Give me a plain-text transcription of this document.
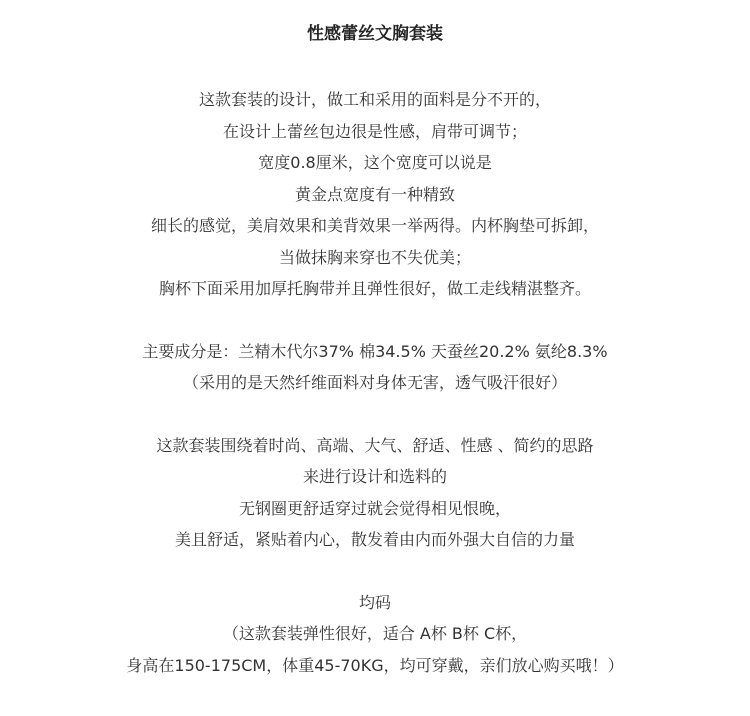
性感蕾丝文胸套装

这款套装的设计，做工和采用的面料是分不开的，

在设计上蕾丝包边很是性感，肩带可调节；

宽度0.8厘米，这个宽度可以说是

黄金点宽度有一种精致

细长的感觉，美肩效果和美背效果一举两得。内杯胸垫可拆卸，

当做抹胸来穿也不失优美；

胸杯下面采用加厚托胸带并且弹性很好，做工走线精湛整齐。

主要成分是：兰精木代尔37% 棉34.5% 天蚕丝20.2% 氨纶8.3%

（采用的是天然纤维面料对身体无害，透气吸汗很好）

这款套装围绕着时尚、高端、大气、舒适、性感 、简约的思路

来进行设计和选料的

无钢圈更舒适穿过就会觉得相见恨晚，

美且舒适，紧贴着内心，散发着由内而外强大自信的力量

均码

（这款套装弹性很好，适合 A杯 B杯 C杯，

身高在150-175CM，体重45-70KG，均可穿戴，亲们放心购买哦！）
